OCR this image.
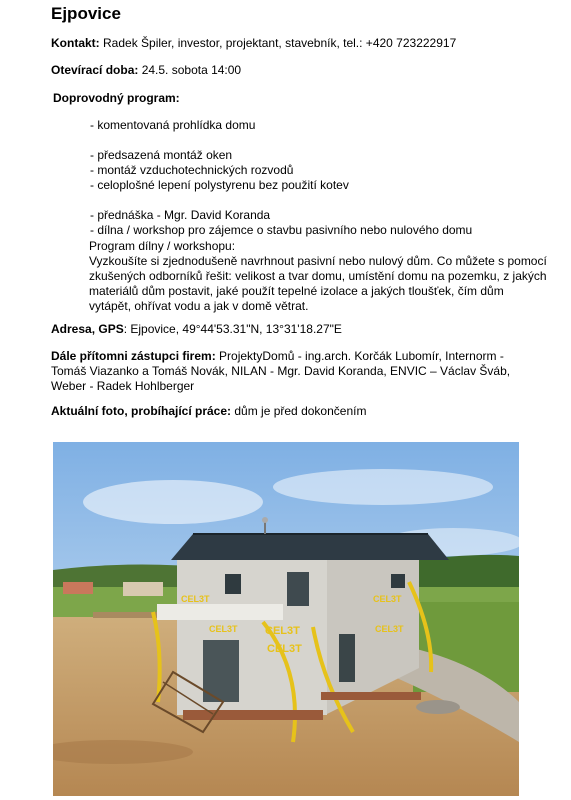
Ejpovice
Kontakt: Radek Špiler, investor, projektant, stavebník, tel.: +420 723222917
Otevírací doba: 24.5. sobota 14:00
Doprovodný program:
- komentovaná prohlídka domu
- předsazená montáž oken
- montáž vzduchotechnických rozvodů
- celoplošné lepení polystyrenu bez použití kotev
- přednáška - Mgr. David Koranda
- dílna / workshop pro zájemce o stavbu pasivního nebo nulového domu
Program dílny / workshopu:
Vyzkoušíte si zjednodušeně navrhnout pasivní nebo nulový dům. Co můžete s pomocí zkušených odborníků řešit: velikost a tvar domu, umístění domu na pozemku, z jakých materiálů dům postavit, jaké použít tepelné izolace a jakých tloušťek, čím dům vytápět, ohřívat vodu a jak v domě větrat.
Adresa, GPS: Ejpovice, 49°44'53.31"N, 13°31'18.27"E
Dále přítomni zástupci firem: ProjektyDomů - ing.arch. Korčák Lubomír, Internorm - Tomáš Viazanko a Tomáš Novák, NILAN - Mgr. David Koranda, ENVIC – Václav Šváb, Weber - Radek Hohlberger
Aktuální foto, probíhající práce: dům je před dokončením
CEL3T	CEL3T
CEL3T CEL3T
CEL3T
CEL3T
